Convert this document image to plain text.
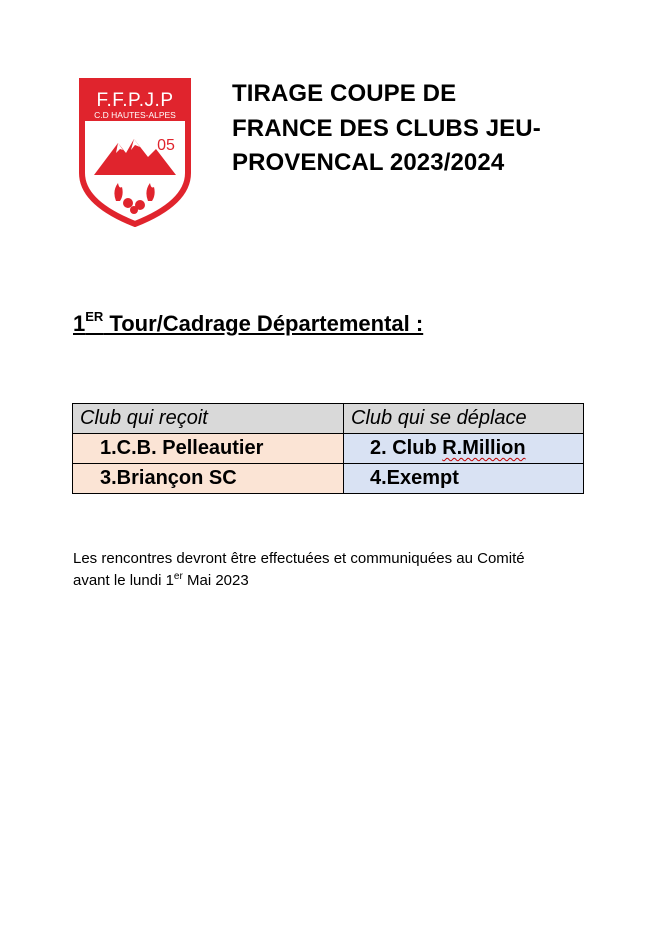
F.F.P.J.P
C.D HAUTES-ALPES
05
TIRAGE COUPE DE
FRANCE DES CLUBS JEU-
PROVENCAL 2023/2024
1ER Tour/Cadrage Départemental :
Club qui reçoit	Club qui se déplace
1.C.B. Pelleautier	2. Club R.Million
3.Briançon SC	4.Exempt
Les rencontres devront être effectuées et communiquées au Comité
avant le lundi 1er Mai 2023
